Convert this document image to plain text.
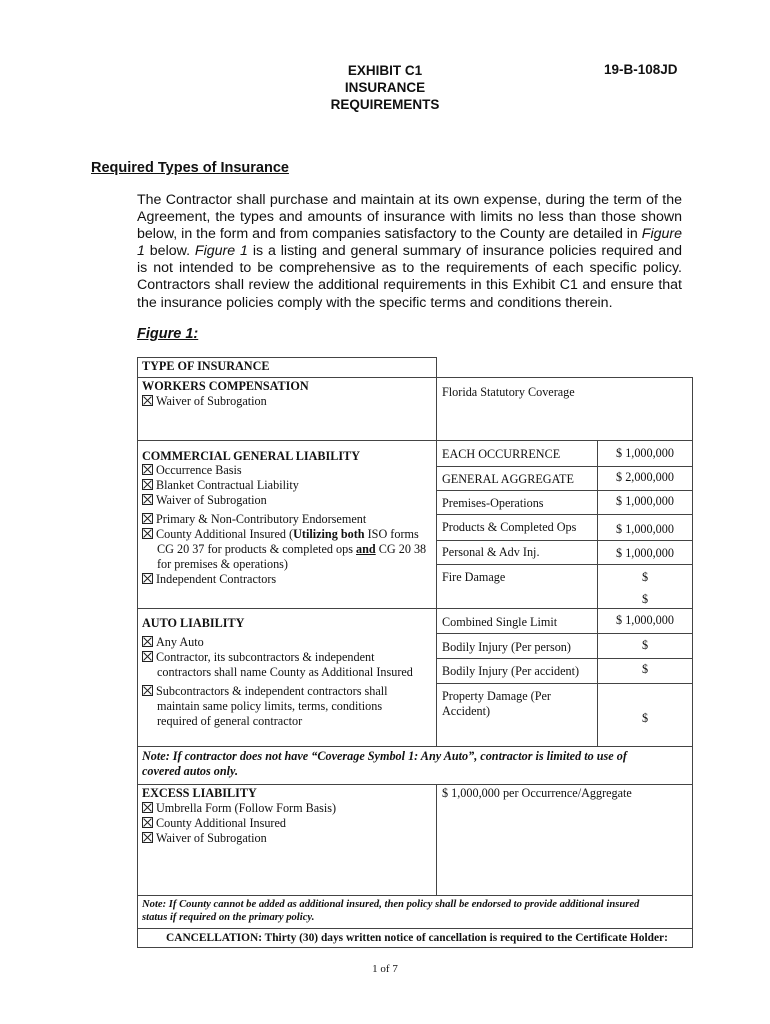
EXHIBIT C1
INSURANCE
REQUIREMENTS
19-B-108JD
Required Types of Insurance
The Contractor shall purchase and maintain at its own expense, during the term of the Agreement, the types and amounts of insurance with limits no less than those shown below, in the form and from companies satisfactory to the County are detailed in Figure 1 below. Figure 1 is a listing and general summary of insurance policies required and is not intended to be comprehensive as to the requirements of each specific policy. Contractors shall review the additional requirements in this Exhibit C1 and ensure that the insurance policies comply with the specific terms and conditions therein.
Figure 1:
TYPE OF INSURANCE
WORKERS COMPENSATION
Waiver of Subrogation
Florida Statutory Coverage
COMMERCIAL GENERAL LIABILITY
Occurrence Basis
Blanket Contractual Liability
Waiver of Subrogation
Primary & Non-Contributory Endorsement
County Additional Insured (Utilizing both ISO forms
CG 20 37 for products & completed ops and CG 20 38
for premises & operations)
Independent Contractors
EACH OCCURRENCE	$ 1,000,000
GENERAL AGGREGATE	$ 2,000,000
Premises-Operations	$ 1,000,000
Products & Completed Ops	$ 1,000,000
Personal & Adv Inj.	$ 1,000,000
Fire Damage	$
$
AUTO LIABILITY
Any Auto
Contractor, its subcontractors & independent
contractors shall name County as Additional Insured
Subcontractors & independent contractors shall
maintain same policy limits, terms, conditions
required of general contractor
Combined Single Limit	$ 1,000,000
Bodily Injury (Per person)	$
Bodily Injury (Per accident)	$
Property Damage (Per
Accident)	$
Note: If contractor does not have “Coverage Symbol 1: Any Auto”, contractor is limited to use of
covered autos only.
EXCESS LIABILITY
Umbrella Form (Follow Form Basis)
County Additional Insured
Waiver of Subrogation
$ 1,000,000 per Occurrence/Aggregate
Note: If County cannot be added as additional insured, then policy shall be endorsed to provide additional insured
status if required on the primary policy.
CANCELLATION: Thirty (30) days written notice of cancellation is required to the Certificate Holder:
1 of 7
